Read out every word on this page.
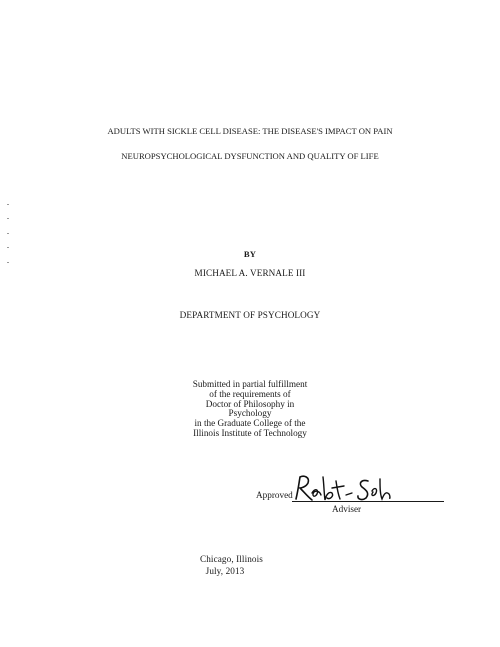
ADULTS WITH SICKLE CELL DISEASE: THE DISEASE'S IMPACT ON PAIN
NEUROPSYCHOLOGICAL DYSFUNCTION AND QUALITY OF LIFE
BY
MICHAEL A. VERNALE III
DEPARTMENT OF PSYCHOLOGY
Submitted in partial fulfillment
of the requirements of
Doctor of Philosophy in
Psychology
in the Graduate College of the
Illinois Institute of Technology
Approved
Adviser
Chicago, Illinois
July, 2013
